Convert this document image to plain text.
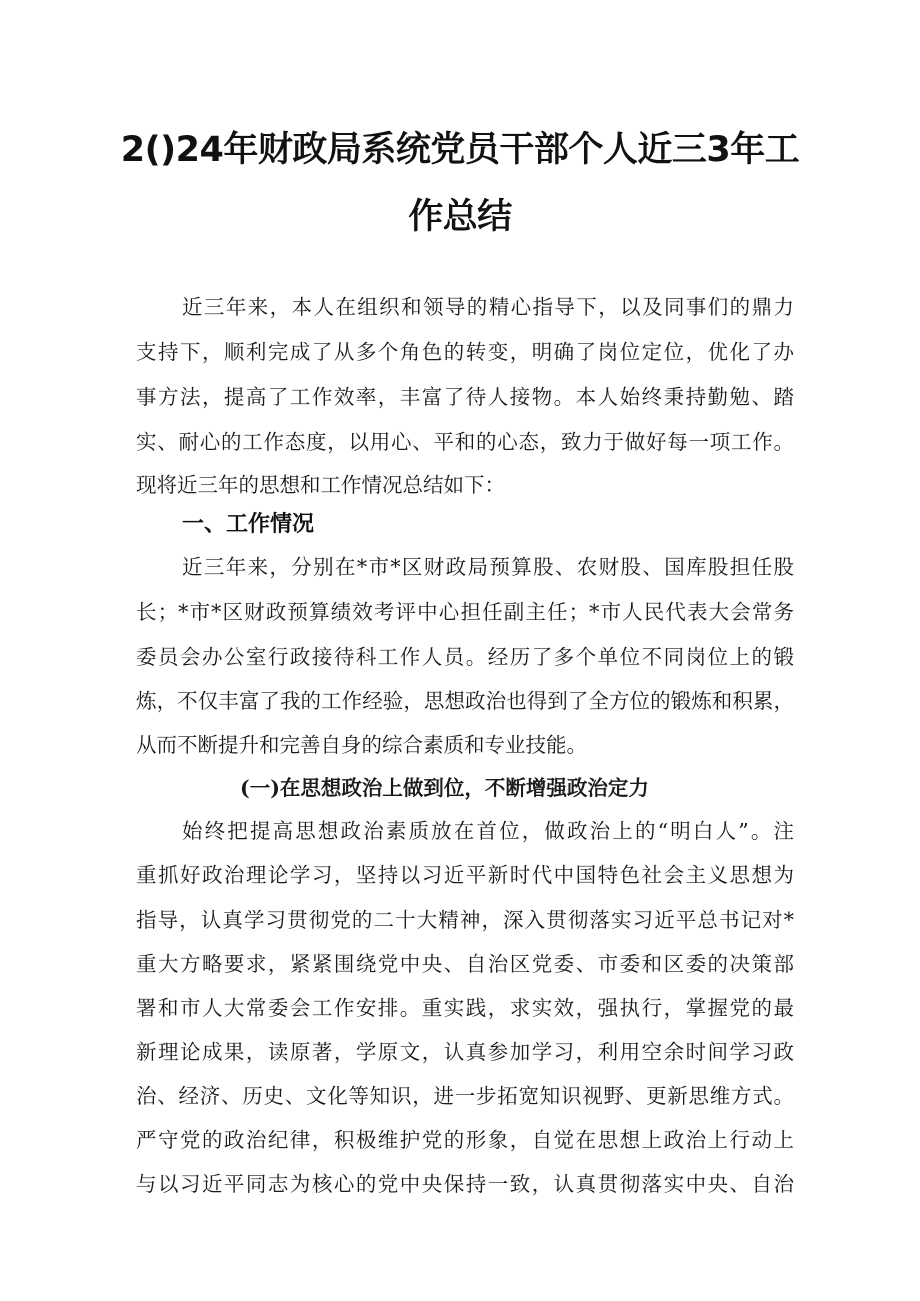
2()24年财政局系统党员干部个人近三3年工
作总结

近三年来，本人在组织和领导的精心指导下，以及同事们的鼎力

支持下，顺利完成了从多个角色的转变，明确了岗位定位，优化了办

事方法，提高了工作效率，丰富了待人接物。本人始终秉持勤勉、踏

实、耐心的工作态度，以用心、平和的心态，致力于做好每一项工作。

现将近三年的思想和工作情况总结如下：

一、工作情况

近三年来，分别在*市*区财政局预算股、农财股、国库股担任股

长；*市*区财政预算绩效考评中心担任副主任；*市人民代表大会常务

委员会办公室行政接待科工作人员。经历了多个单位不同岗位上的锻

炼，不仅丰富了我的工作经验，思想政治也得到了全方位的锻炼和积累，

从而不断提升和完善自身的综合素质和专业技能。

(一)在思想政治上做到位，不断增强政治定力

始终把提高思想政治素质放在首位，做政治上的“明白人”。注

重抓好政治理论学习，坚持以习近平新时代中国特色社会主义思想为

指导，认真学习贯彻党的二十大精神，深入贯彻落实习近平总书记对*

重大方略要求，紧紧围绕党中央、自治区党委、市委和区委的决策部

署和市人大常委会工作安排。重实践，求实效，强执行，掌握党的最

新理论成果，读原著，学原文，认真参加学习，利用空余时间学习政

治、经济、历史、文化等知识，进一步拓宽知识视野、更新思维方式。

严守党的政治纪律，积极维护党的形象，自觉在思想上政治上行动上

与以习近平同志为核心的党中央保持一致，认真贯彻落实中央、自治
